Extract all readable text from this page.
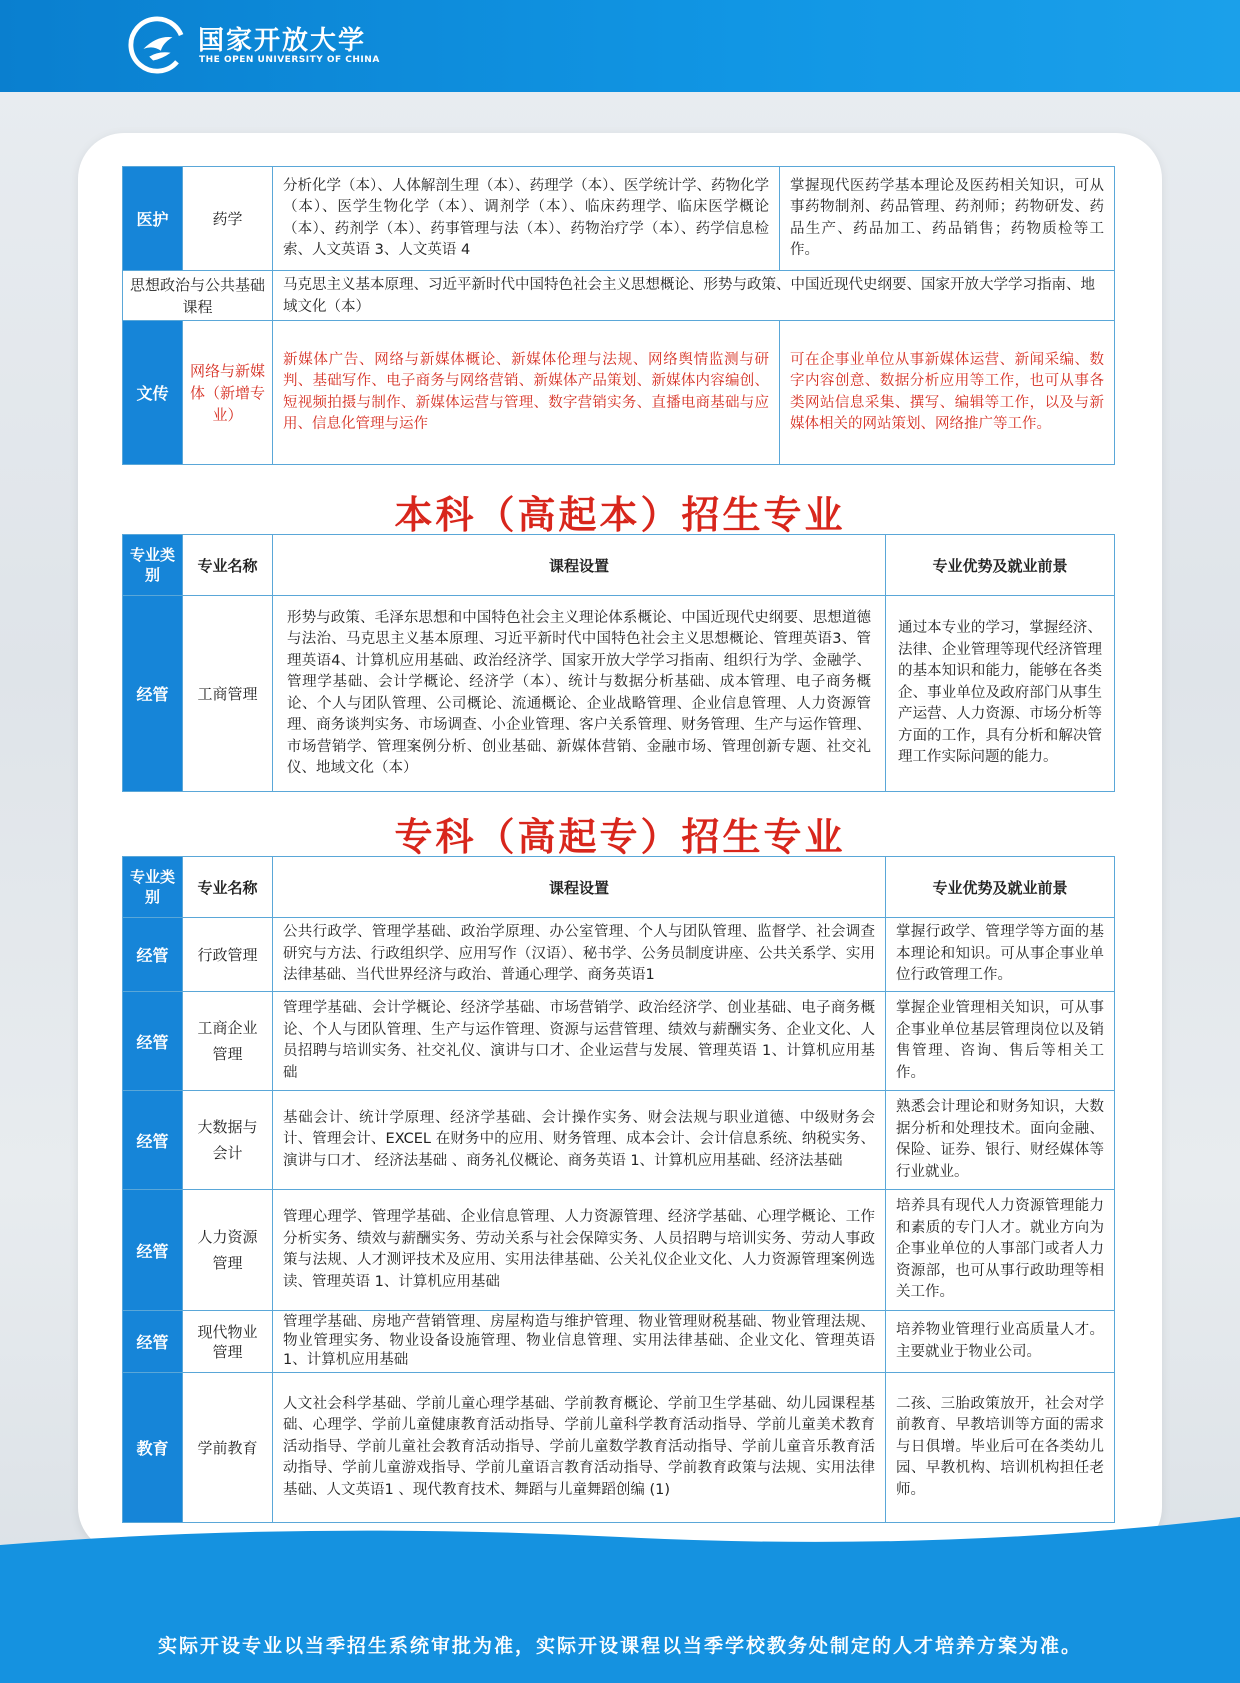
国家开放大学
THE OPEN UNIVERSITY OF CHINA
医护	药学	分析化学（本）、人体解剖生理（本）、药理学（本）、医学统计学、药物化学（本）、医学生物化学（本）、调剂学（本）、临床药理学、临床医学概论（本）、药剂学（本）、药事管理与法（本）、药物治疗学（本）、药学信息检索、人文英语 3、人文英语 4	掌握现代医药学基本理论及医药相关知识，可从事药物制剂、药品管理、药剂师；药物研发、药品生产、药品加工、药品销售；药物质检等工作。
思想政治与公共基础课程		马克思主义基本原理、习近平新时代中国特色社会主义思想概论、形势与政策、中国近现代史纲要、国家开放大学学习指南、地域文化（本）	
文传	网络与新媒体（新增专业）	新媒体广告、网络与新媒体概论、新媒体伦理与法规、网络舆情监测与研判、基础写作、电子商务与网络营销、新媒体产品策划、新媒体内容编创、短视频拍摄与制作、新媒体运营与管理、数字营销实务、直播电商基础与应用、信息化管理与运作	可在企事业单位从事新媒体运营、新闻采编、数字内容创意、数据分析应用等工作，也可从事各类网站信息采集、撰写、编辑等工作，以及与新媒体相关的网站策划、网络推广等工作。
本科（高起本）招生专业
专业类别	专业名称	课程设置	专业优势及就业前景
经管	工商管理	形势与政策、毛泽东思想和中国特色社会主义理论体系概论、中国近现代史纲要、思想道德与法治、马克思主义基本原理、习近平新时代中国特色社会主义思想概论、管理英语3、管理英语4、计算机应用基础、政治经济学、国家开放大学学习指南、组织行为学、金融学、管理学基础、会计学概论、经济学（本）、统计与数据分析基础、成本管理、电子商务概论、个人与团队管理、公司概论、流通概论、企业战略管理、企业信息管理、人力资源管理、商务谈判实务、市场调查、小企业管理、客户关系管理、财务管理、生产与运作管理、市场营销学、管理案例分析、创业基础、新媒体营销、金融市场、管理创新专题、社交礼仪、地域文化（本）	通过本专业的学习，掌握经济、法律、企业管理等现代经济管理的基本知识和能力，能够在各类企、事业单位及政府部门从事生产运营、人力资源、市场分析等方面的工作，具有分析和解决管理工作实际问题的能力。
专科（高起专）招生专业
专业类别	专业名称	课程设置	专业优势及就业前景
经管	行政管理	公共行政学、管理学基础、政治学原理、办公室管理、个人与团队管理、监督学、社会调查研究与方法、行政组织学、应用写作（汉语）、秘书学、公务员制度讲座、公共关系学、实用法律基础、当代世界经济与政治、普通心理学、商务英语1	掌握行政学、管理学等方面的基本理论和知识。可从事企事业单位行政管理工作。
经管	工商企业管理	管理学基础、会计学概论、经济学基础、市场营销学、政治经济学、创业基础、电子商务概论、个人与团队管理、生产与运作管理、资源与运营管理、绩效与薪酬实务、企业文化、人员招聘与培训实务、社交礼仪、演讲与口才、企业运营与发展、管理英语 1、计算机应用基础	掌握企业管理相关知识，可从事企事业单位基层管理岗位以及销售管理、咨询、售后等相关工作。
经管	大数据与会计	基础会计、统计学原理、经济学基础、会计操作实务、财会法规与职业道德、中级财务会计、管理会计、EXCEL 在财务中的应用、财务管理、成本会计、会计信息系统、纳税实务、演讲与口才、 经济法基础 、商务礼仪概论、商务英语 1、计算机应用基础、经济法基础	熟悉会计理论和财务知识，大数据分析和处理技术。面向金融、保险、证券、银行、财经媒体等行业就业。
经管	人力资源管理	管理心理学、管理学基础、企业信息管理、人力资源管理、经济学基础、心理学概论、工作分析实务、绩效与薪酬实务、劳动关系与社会保障实务、人员招聘与培训实务、劳动人事政策与法规、人才测评技术及应用、实用法律基础、公关礼仪企业文化、人力资源管理案例选读、管理英语 1、计算机应用基础	培养具有现代人力资源管理能力和素质的专门人才。就业方向为企事业单位的人事部门或者人力资源部，也可从事行政助理等相关工作。
经管	现代物业管理	管理学基础、房地产营销管理、房屋构造与维护管理、物业管理财税基础、物业管理法规、物业管理实务、物业设备设施管理、物业信息管理、实用法律基础、企业文化、管理英语 1、计算机应用基础	培养物业管理行业高质量人才。主要就业于物业公司。
教育	学前教育	人文社会科学基础、学前儿童心理学基础、学前教育概论、学前卫生学基础、幼儿园课程基础、心理学、学前儿童健康教育活动指导、学前儿童科学教育活动指导、学前儿童美术教育活动指导、学前儿童社会教育活动指导、学前儿童数学教育活动指导、学前儿童音乐教育活动指导、学前儿童游戏指导、学前儿童语言教育活动指导、学前教育政策与法规、实用法律基础、人文英语1 、现代教育技术、舞蹈与儿童舞蹈创编 (1)	二孩、三胎政策放开，社会对学前教育、早教培训等方面的需求与日俱增。毕业后可在各类幼儿园、早教机构、培训机构担任老师。
实际开设专业以当季招生系统审批为准，实际开设课程以当季学校教务处制定的人才培养方案为准。
